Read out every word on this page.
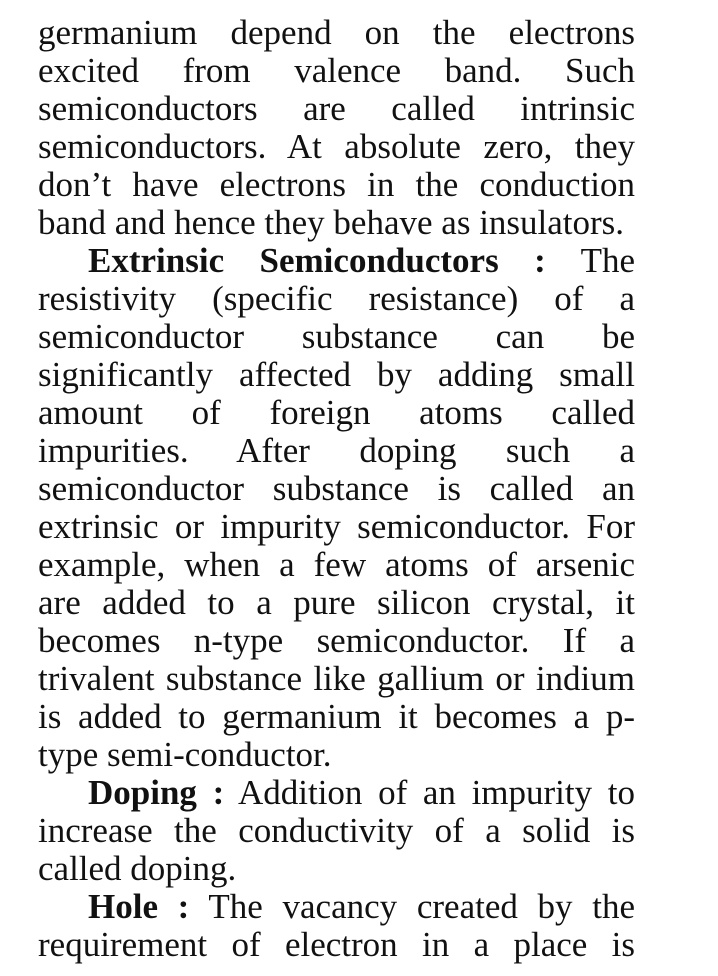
germanium depend on the electrons
excited from valence band. Such
semiconductors are called intrinsic
semiconductors. At absolute zero, they
don’t have electrons in the conduction
band and hence they behave as insulators.
Extrinsic Semiconductors : The
resistivity (specific resistance) of a
semiconductor substance can be
significantly affected by adding small
amount of foreign atoms called
impurities. After doping such a
semiconductor substance is called an
extrinsic or impurity semiconductor. For
example, when a few atoms of arsenic
are added to a pure silicon crystal, it
becomes n-type semiconductor. If a
trivalent substance like gallium or indium
is added to germanium it becomes a p-
type semi-conductor.
Doping : Addition of an impurity to
increase the conductivity of a solid is
called doping.
Hole : The vacancy created by the
requirement of electron in a place is
